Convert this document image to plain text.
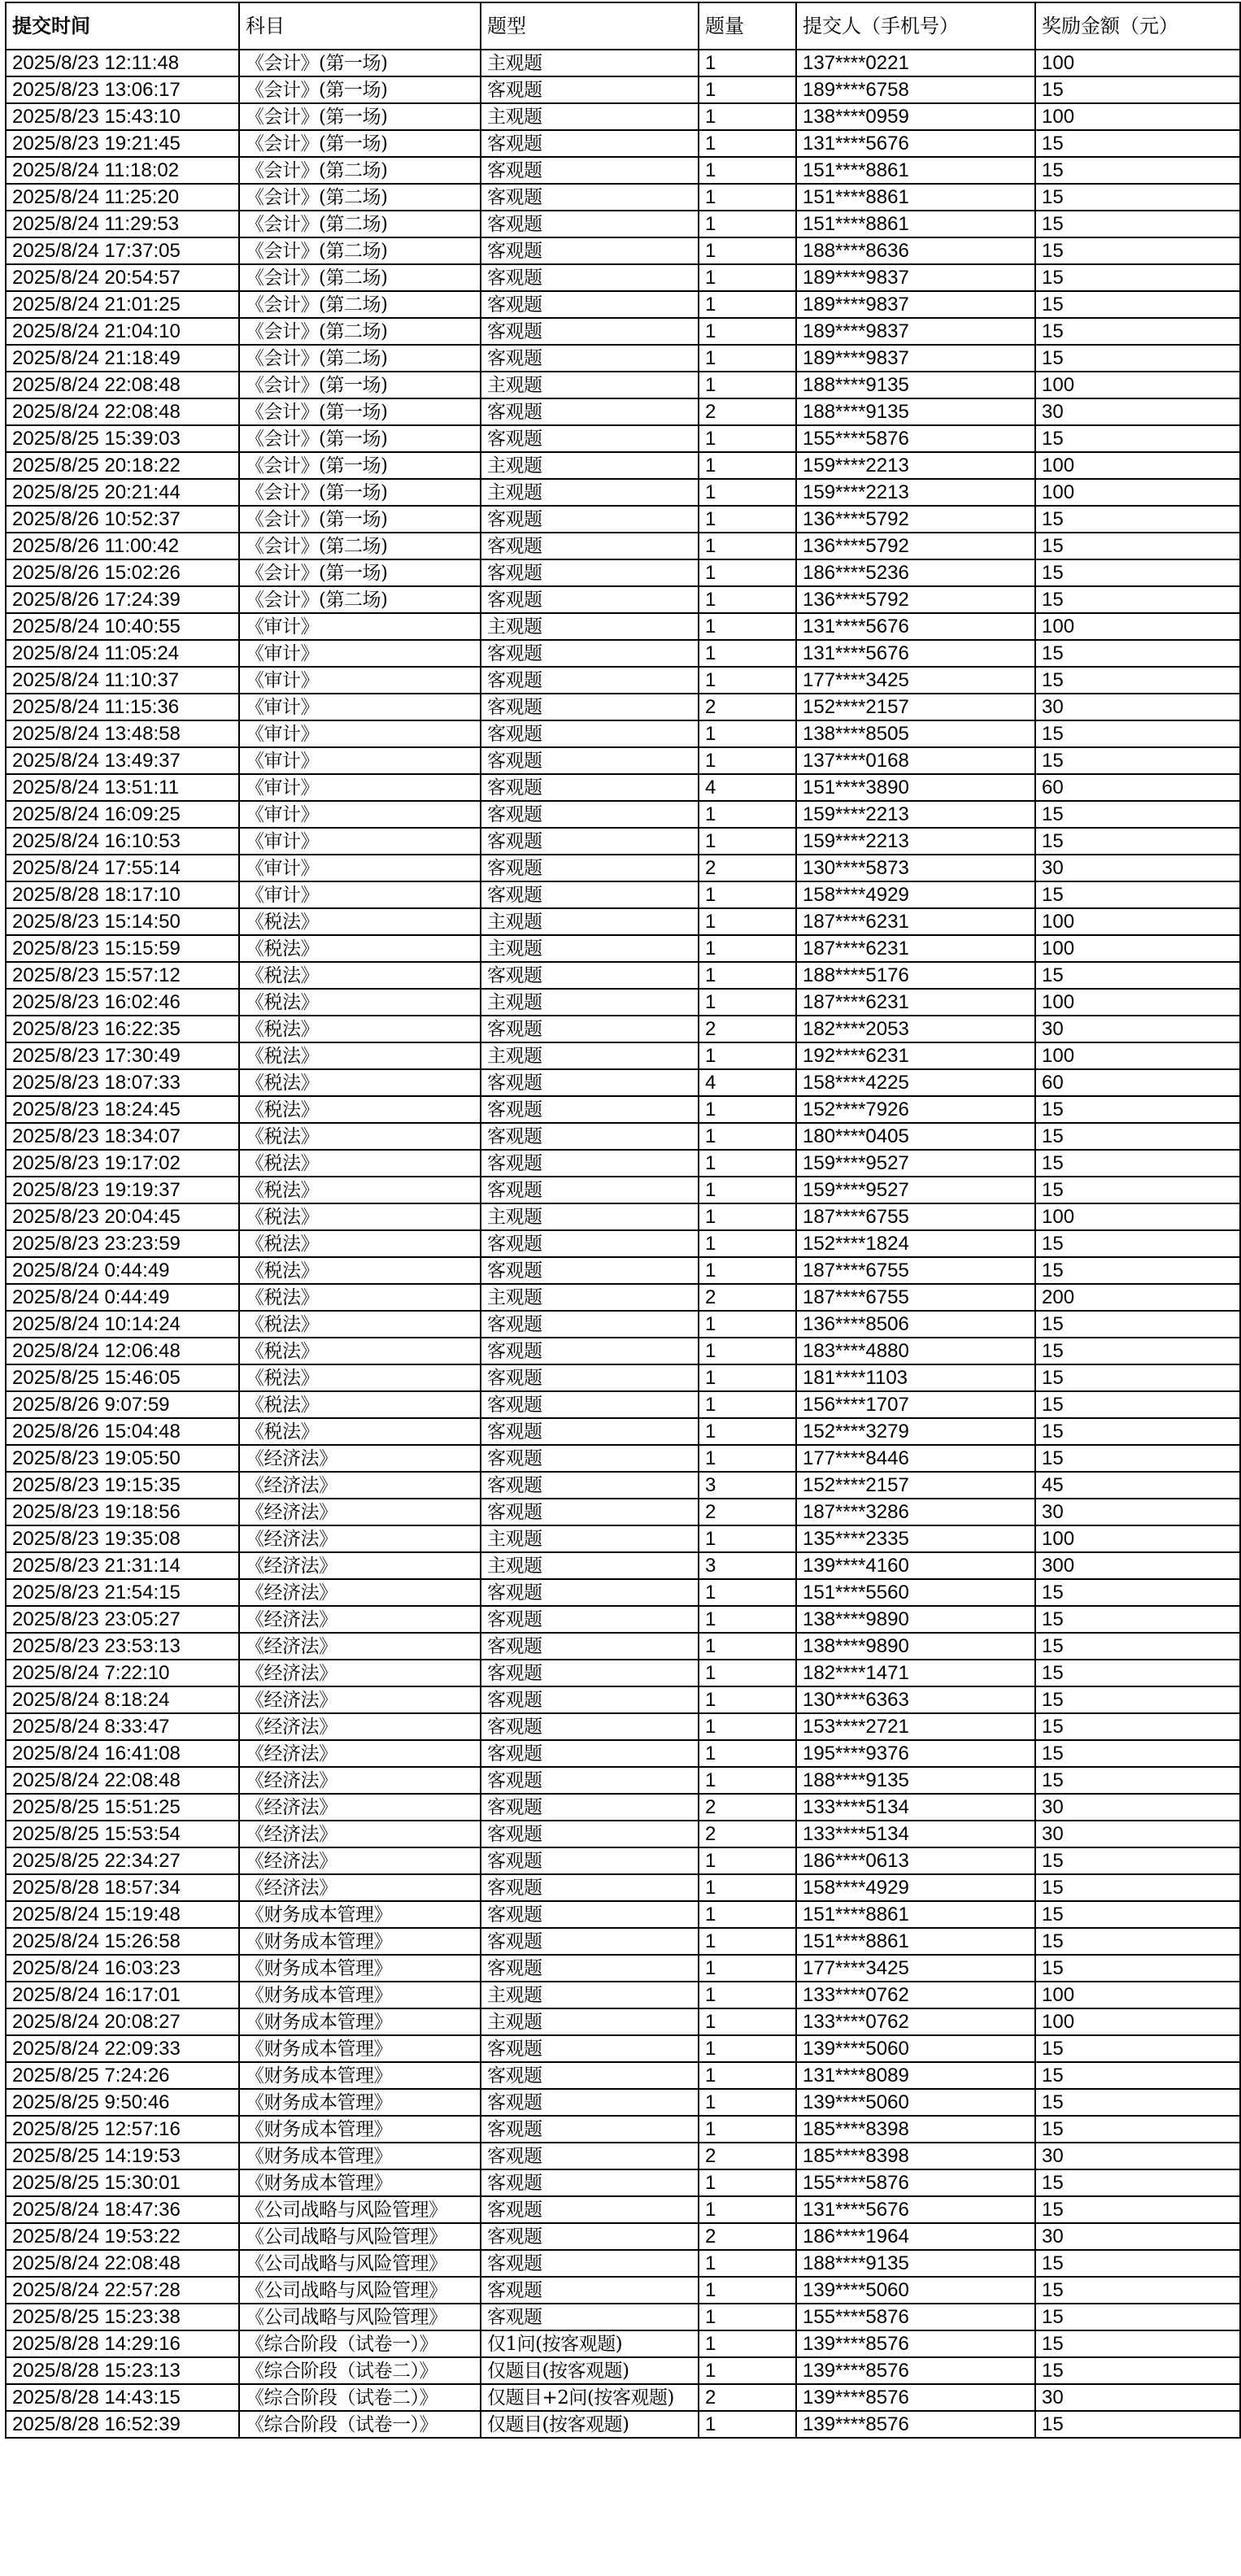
提交时间	科目	题型	题量	提交人（手机号）	奖励金额（元）
2025/8/23 12:11:48	《会计》(第一场)	主观题	1	137****0221	100
2025/8/23 13:06:17	《会计》(第一场)	客观题	1	189****6758	15
2025/8/23 15:43:10	《会计》(第一场)	主观题	1	138****0959	100
2025/8/23 19:21:45	《会计》(第一场)	客观题	1	131****5676	15
2025/8/24 11:18:02	《会计》(第二场)	客观题	1	151****8861	15
2025/8/24 11:25:20	《会计》(第二场)	客观题	1	151****8861	15
2025/8/24 11:29:53	《会计》(第二场)	客观题	1	151****8861	15
2025/8/24 17:37:05	《会计》(第二场)	客观题	1	188****8636	15
2025/8/24 20:54:57	《会计》(第二场)	客观题	1	189****9837	15
2025/8/24 21:01:25	《会计》(第二场)	客观题	1	189****9837	15
2025/8/24 21:04:10	《会计》(第二场)	客观题	1	189****9837	15
2025/8/24 21:18:49	《会计》(第二场)	客观题	1	189****9837	15
2025/8/24 22:08:48	《会计》(第一场)	主观题	1	188****9135	100
2025/8/24 22:08:48	《会计》(第一场)	客观题	2	188****9135	30
2025/8/25 15:39:03	《会计》(第一场)	客观题	1	155****5876	15
2025/8/25 20:18:22	《会计》(第一场)	主观题	1	159****2213	100
2025/8/25 20:21:44	《会计》(第一场)	主观题	1	159****2213	100
2025/8/26 10:52:37	《会计》(第一场)	客观题	1	136****5792	15
2025/8/26 11:00:42	《会计》(第二场)	客观题	1	136****5792	15
2025/8/26 15:02:26	《会计》(第一场)	客观题	1	186****5236	15
2025/8/26 17:24:39	《会计》(第二场)	客观题	1	136****5792	15
2025/8/24 10:40:55	《审计》	主观题	1	131****5676	100
2025/8/24 11:05:24	《审计》	客观题	1	131****5676	15
2025/8/24 11:10:37	《审计》	客观题	1	177****3425	15
2025/8/24 11:15:36	《审计》	客观题	2	152****2157	30
2025/8/24 13:48:58	《审计》	客观题	1	138****8505	15
2025/8/24 13:49:37	《审计》	客观题	1	137****0168	15
2025/8/24 13:51:11	《审计》	客观题	4	151****3890	60
2025/8/24 16:09:25	《审计》	客观题	1	159****2213	15
2025/8/24 16:10:53	《审计》	客观题	1	159****2213	15
2025/8/24 17:55:14	《审计》	客观题	2	130****5873	30
2025/8/28 18:17:10	《审计》	客观题	1	158****4929	15
2025/8/23 15:14:50	《税法》	主观题	1	187****6231	100
2025/8/23 15:15:59	《税法》	主观题	1	187****6231	100
2025/8/23 15:57:12	《税法》	客观题	1	188****5176	15
2025/8/23 16:02:46	《税法》	主观题	1	187****6231	100
2025/8/23 16:22:35	《税法》	客观题	2	182****2053	30
2025/8/23 17:30:49	《税法》	主观题	1	192****6231	100
2025/8/23 18:07:33	《税法》	客观题	4	158****4225	60
2025/8/23 18:24:45	《税法》	客观题	1	152****7926	15
2025/8/23 18:34:07	《税法》	客观题	1	180****0405	15
2025/8/23 19:17:02	《税法》	客观题	1	159****9527	15
2025/8/23 19:19:37	《税法》	客观题	1	159****9527	15
2025/8/23 20:04:45	《税法》	主观题	1	187****6755	100
2025/8/23 23:23:59	《税法》	客观题	1	152****1824	15
2025/8/24 0:44:49	《税法》	客观题	1	187****6755	15
2025/8/24 0:44:49	《税法》	主观题	2	187****6755	200
2025/8/24 10:14:24	《税法》	客观题	1	136****8506	15
2025/8/24 12:06:48	《税法》	客观题	1	183****4880	15
2025/8/25 15:46:05	《税法》	客观题	1	181****1103	15
2025/8/26 9:07:59	《税法》	客观题	1	156****1707	15
2025/8/26 15:04:48	《税法》	客观题	1	152****3279	15
2025/8/23 19:05:50	《经济法》	客观题	1	177****8446	15
2025/8/23 19:15:35	《经济法》	客观题	3	152****2157	45
2025/8/23 19:18:56	《经济法》	客观题	2	187****3286	30
2025/8/23 19:35:08	《经济法》	主观题	1	135****2335	100
2025/8/23 21:31:14	《经济法》	主观题	3	139****4160	300
2025/8/23 21:54:15	《经济法》	客观题	1	151****5560	15
2025/8/23 23:05:27	《经济法》	客观题	1	138****9890	15
2025/8/23 23:53:13	《经济法》	客观题	1	138****9890	15
2025/8/24 7:22:10	《经济法》	客观题	1	182****1471	15
2025/8/24 8:18:24	《经济法》	客观题	1	130****6363	15
2025/8/24 8:33:47	《经济法》	客观题	1	153****2721	15
2025/8/24 16:41:08	《经济法》	客观题	1	195****9376	15
2025/8/24 22:08:48	《经济法》	客观题	1	188****9135	15
2025/8/25 15:51:25	《经济法》	客观题	2	133****5134	30
2025/8/25 15:53:54	《经济法》	客观题	2	133****5134	30
2025/8/25 22:34:27	《经济法》	客观题	1	186****0613	15
2025/8/28 18:57:34	《经济法》	客观题	1	158****4929	15
2025/8/24 15:19:48	《财务成本管理》	客观题	1	151****8861	15
2025/8/24 15:26:58	《财务成本管理》	客观题	1	151****8861	15
2025/8/24 16:03:23	《财务成本管理》	客观题	1	177****3425	15
2025/8/24 16:17:01	《财务成本管理》	主观题	1	133****0762	100
2025/8/24 20:08:27	《财务成本管理》	主观题	1	133****0762	100
2025/8/24 22:09:33	《财务成本管理》	客观题	1	139****5060	15
2025/8/25 7:24:26	《财务成本管理》	客观题	1	131****8089	15
2025/8/25 9:50:46	《财务成本管理》	客观题	1	139****5060	15
2025/8/25 12:57:16	《财务成本管理》	客观题	1	185****8398	15
2025/8/25 14:19:53	《财务成本管理》	客观题	2	185****8398	30
2025/8/25 15:30:01	《财务成本管理》	客观题	1	155****5876	15
2025/8/24 18:47:36	《公司战略与风险管理》	客观题	1	131****5676	15
2025/8/24 19:53:22	《公司战略与风险管理》	客观题	2	186****1964	30
2025/8/24 22:08:48	《公司战略与风险管理》	客观题	1	188****9135	15
2025/8/24 22:57:28	《公司战略与风险管理》	客观题	1	139****5060	15
2025/8/25 15:23:38	《公司战略与风险管理》	客观题	1	155****5876	15
2025/8/28 14:29:16	《综合阶段（试卷一）》	仅1问(按客观题)	1	139****8576	15
2025/8/28 15:23:13	《综合阶段（试卷二）》	仅题目(按客观题)	1	139****8576	15
2025/8/28 14:43:15	《综合阶段（试卷二）》	仅题目+2问(按客观题)	2	139****8576	30
2025/8/28 16:52:39	《综合阶段（试卷一）》	仅题目(按客观题)	1	139****8576	15
